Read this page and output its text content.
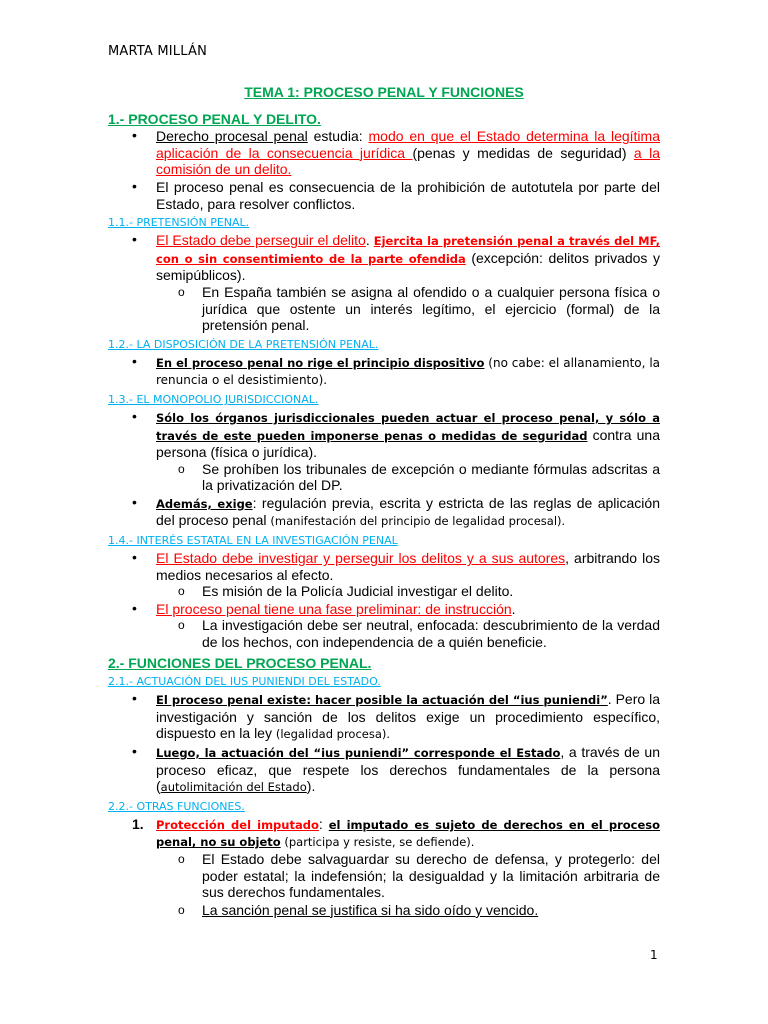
MARTA MILLÁN
TEMA 1: PROCESO PENAL Y FUNCIONES
1.- PROCESO PENAL Y DELITO.
• Derecho procesal penal estudia: modo en que el Estado determina la legítima aplicación de la consecuencia jurídica (penas y medidas de seguridad) a la comisión de un delito.
• El proceso penal es consecuencia de la prohibición de autotutela por parte del Estado, para resolver conflictos.
1.1.- PRETENSIÓN PENAL.
• El Estado debe perseguir el delito. Ejercita la pretensión penal a través del MF, con o sin consentimiento de la parte ofendida (excepción: delitos privados y semipúblicos).
o En España también se asigna al ofendido o a cualquier persona física o jurídica que ostente un interés legítimo, el ejercicio (formal) de la pretensión penal.
1.2.- LA DISPOSICIÓN DE LA PRETENSIÓN PENAL.
• En el proceso penal no rige el principio dispositivo (no cabe: el allanamiento, la renuncia o el desistimiento).
1.3.- EL MONOPOLIO JURISDICCIONAL.
• Sólo los órganos jurisdiccionales pueden actuar el proceso penal, y sólo a través de este pueden imponerse penas o medidas de seguridad contra una persona (física o jurídica).
o Se prohíben los tribunales de excepción o mediante fórmulas adscritas a la privatización del DP.
• Además, exige: regulación previa, escrita y estricta de las reglas de aplicación del proceso penal (manifestación del principio de legalidad procesal).
1.4.- INTERÉS ESTATAL EN LA INVESTIGACIÓN PENAL
• El Estado debe investigar y perseguir los delitos y a sus autores, arbitrando los medios necesarios al efecto.
o Es misión de la Policía Judicial investigar el delito.
• El proceso penal tiene una fase preliminar: de instrucción.
o La investigación debe ser neutral, enfocada: descubrimiento de la verdad de los hechos, con independencia de a quién beneficie.
2.- FUNCIONES DEL PROCESO PENAL.
2.1.- ACTUACIÓN DEL IUS PUNIENDI DEL ESTADO.
• El proceso penal existe: hacer posible la actuación del “ius puniendi”. Pero la investigación y sanción de los delitos exige un procedimiento específico, dispuesto en la ley (legalidad procesa).
• Luego, la actuación del “ius puniendi” corresponde el Estado, a través de un proceso eficaz, que respete los derechos fundamentales de la persona (autolimitación del Estado).
2.2.- OTRAS FUNCIONES.
1. Protección del imputado: el imputado es sujeto de derechos en el proceso penal, no su objeto (participa y resiste, se defiende).
o El Estado debe salvaguardar su derecho de defensa, y protegerlo: del poder estatal; la indefensión; la desigualdad y la limitación arbitraria de sus derechos fundamentales.
o La sanción penal se justifica si ha sido oído y vencido.
1
